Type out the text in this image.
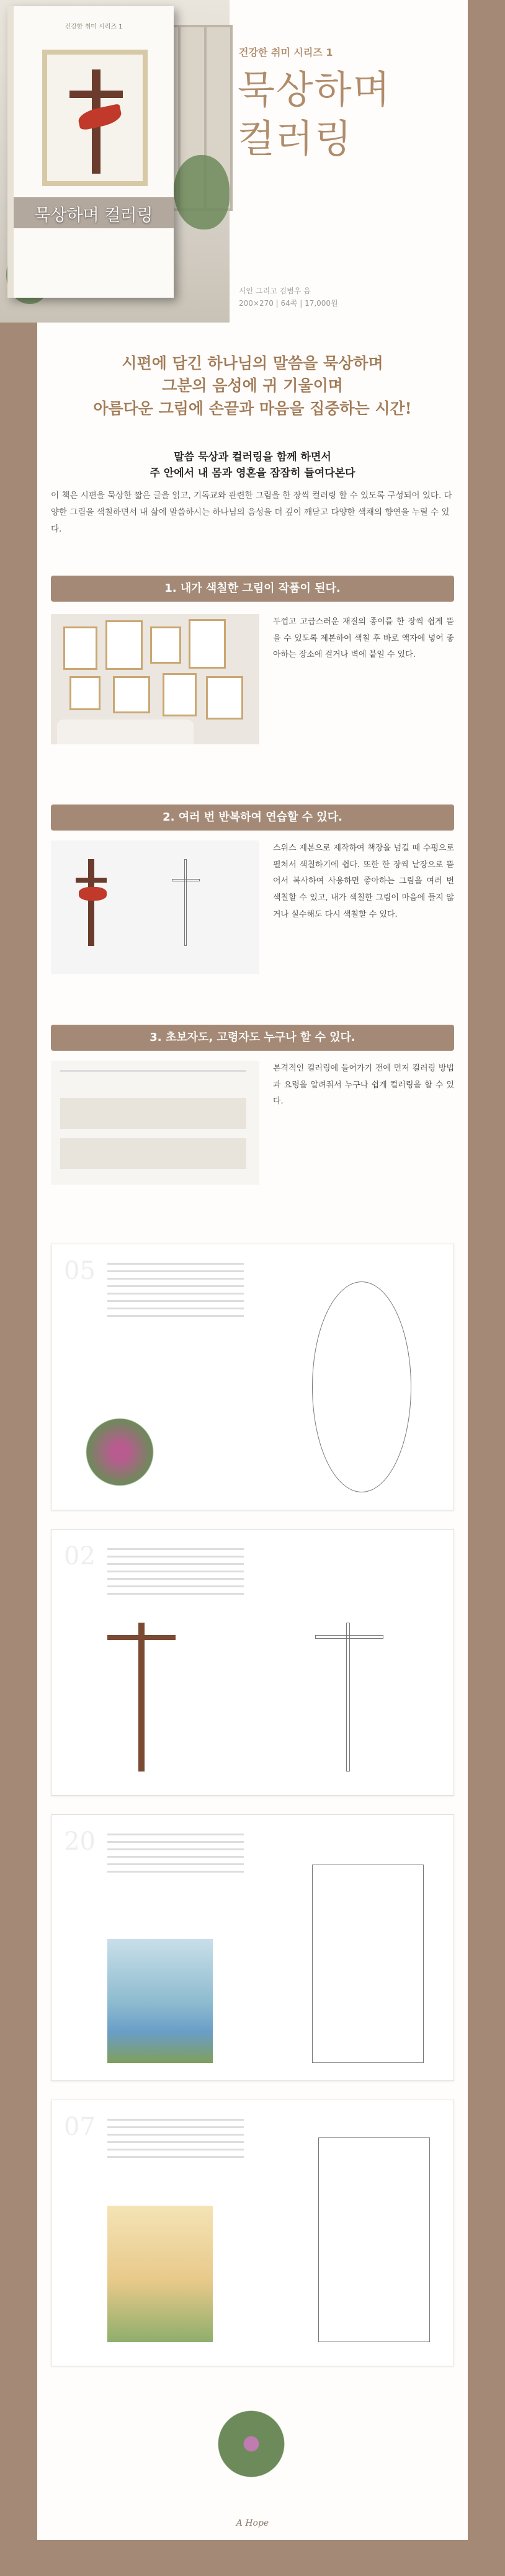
건강한 취미 시리즈 1
묵상하며 컬러링
건강한 취미 시리즈 1
묵상하며
컬러링
시안 그리고 김범우 음
200×270 | 64쪽 | 17,000원
시편에 담긴 하나님의 말씀을 묵상하며
그분의 음성에 귀 기울이며
아름다운 그림에 손끝과 마음을 집중하는 시간!
말씀 묵상과 컬러링을 함께 하면서
주 안에서 내 몸과 영혼을 잠잠히 들여다본다
이 책은 시편을 묵상한 짧은 글을 읽고, 기독교와 관련한 그림을 한 장씩 컬러링 할 수 있도록 구성되어 있다. 다양한 그림을 색칠하면서 내 삶에 말씀하시는 하나님의 음성을 더 깊이 깨닫고 다양한 색채의 향연을 누릴 수 있다.
1. 내가 색칠한 그림이 작품이 된다.
두껍고 고급스러운 재질의 종이를 한 장씩 쉽게 뜯을 수 있도록 제본하여 색칠 후 바로 액자에 넣어 좋아하는 장소에 걸거나 벽에 붙일 수 있다.
2. 여러 번 반복하여 연습할 수 있다.
스위스 제본으로 제작하여 책장을 넘길 때 수평으로 펼쳐서 색칠하기에 쉽다. 또한 한 장씩 낱장으로 뜯어서 복사하여 사용하면 좋아하는 그림을 여러 번 색칠할 수 있고, 내가 색칠한 그림이 마음에 들지 않거나 실수해도 다시 색칠할 수 있다.
3. 초보자도, 고령자도 누구나 할 수 있다.
본격적인 컬러링에 들어가기 전에 먼저 컬러링 방법과 요령을 알려줘서 누구나 쉽게 컬러링을 할 수 있다.
05
02
20
07
A Hope
